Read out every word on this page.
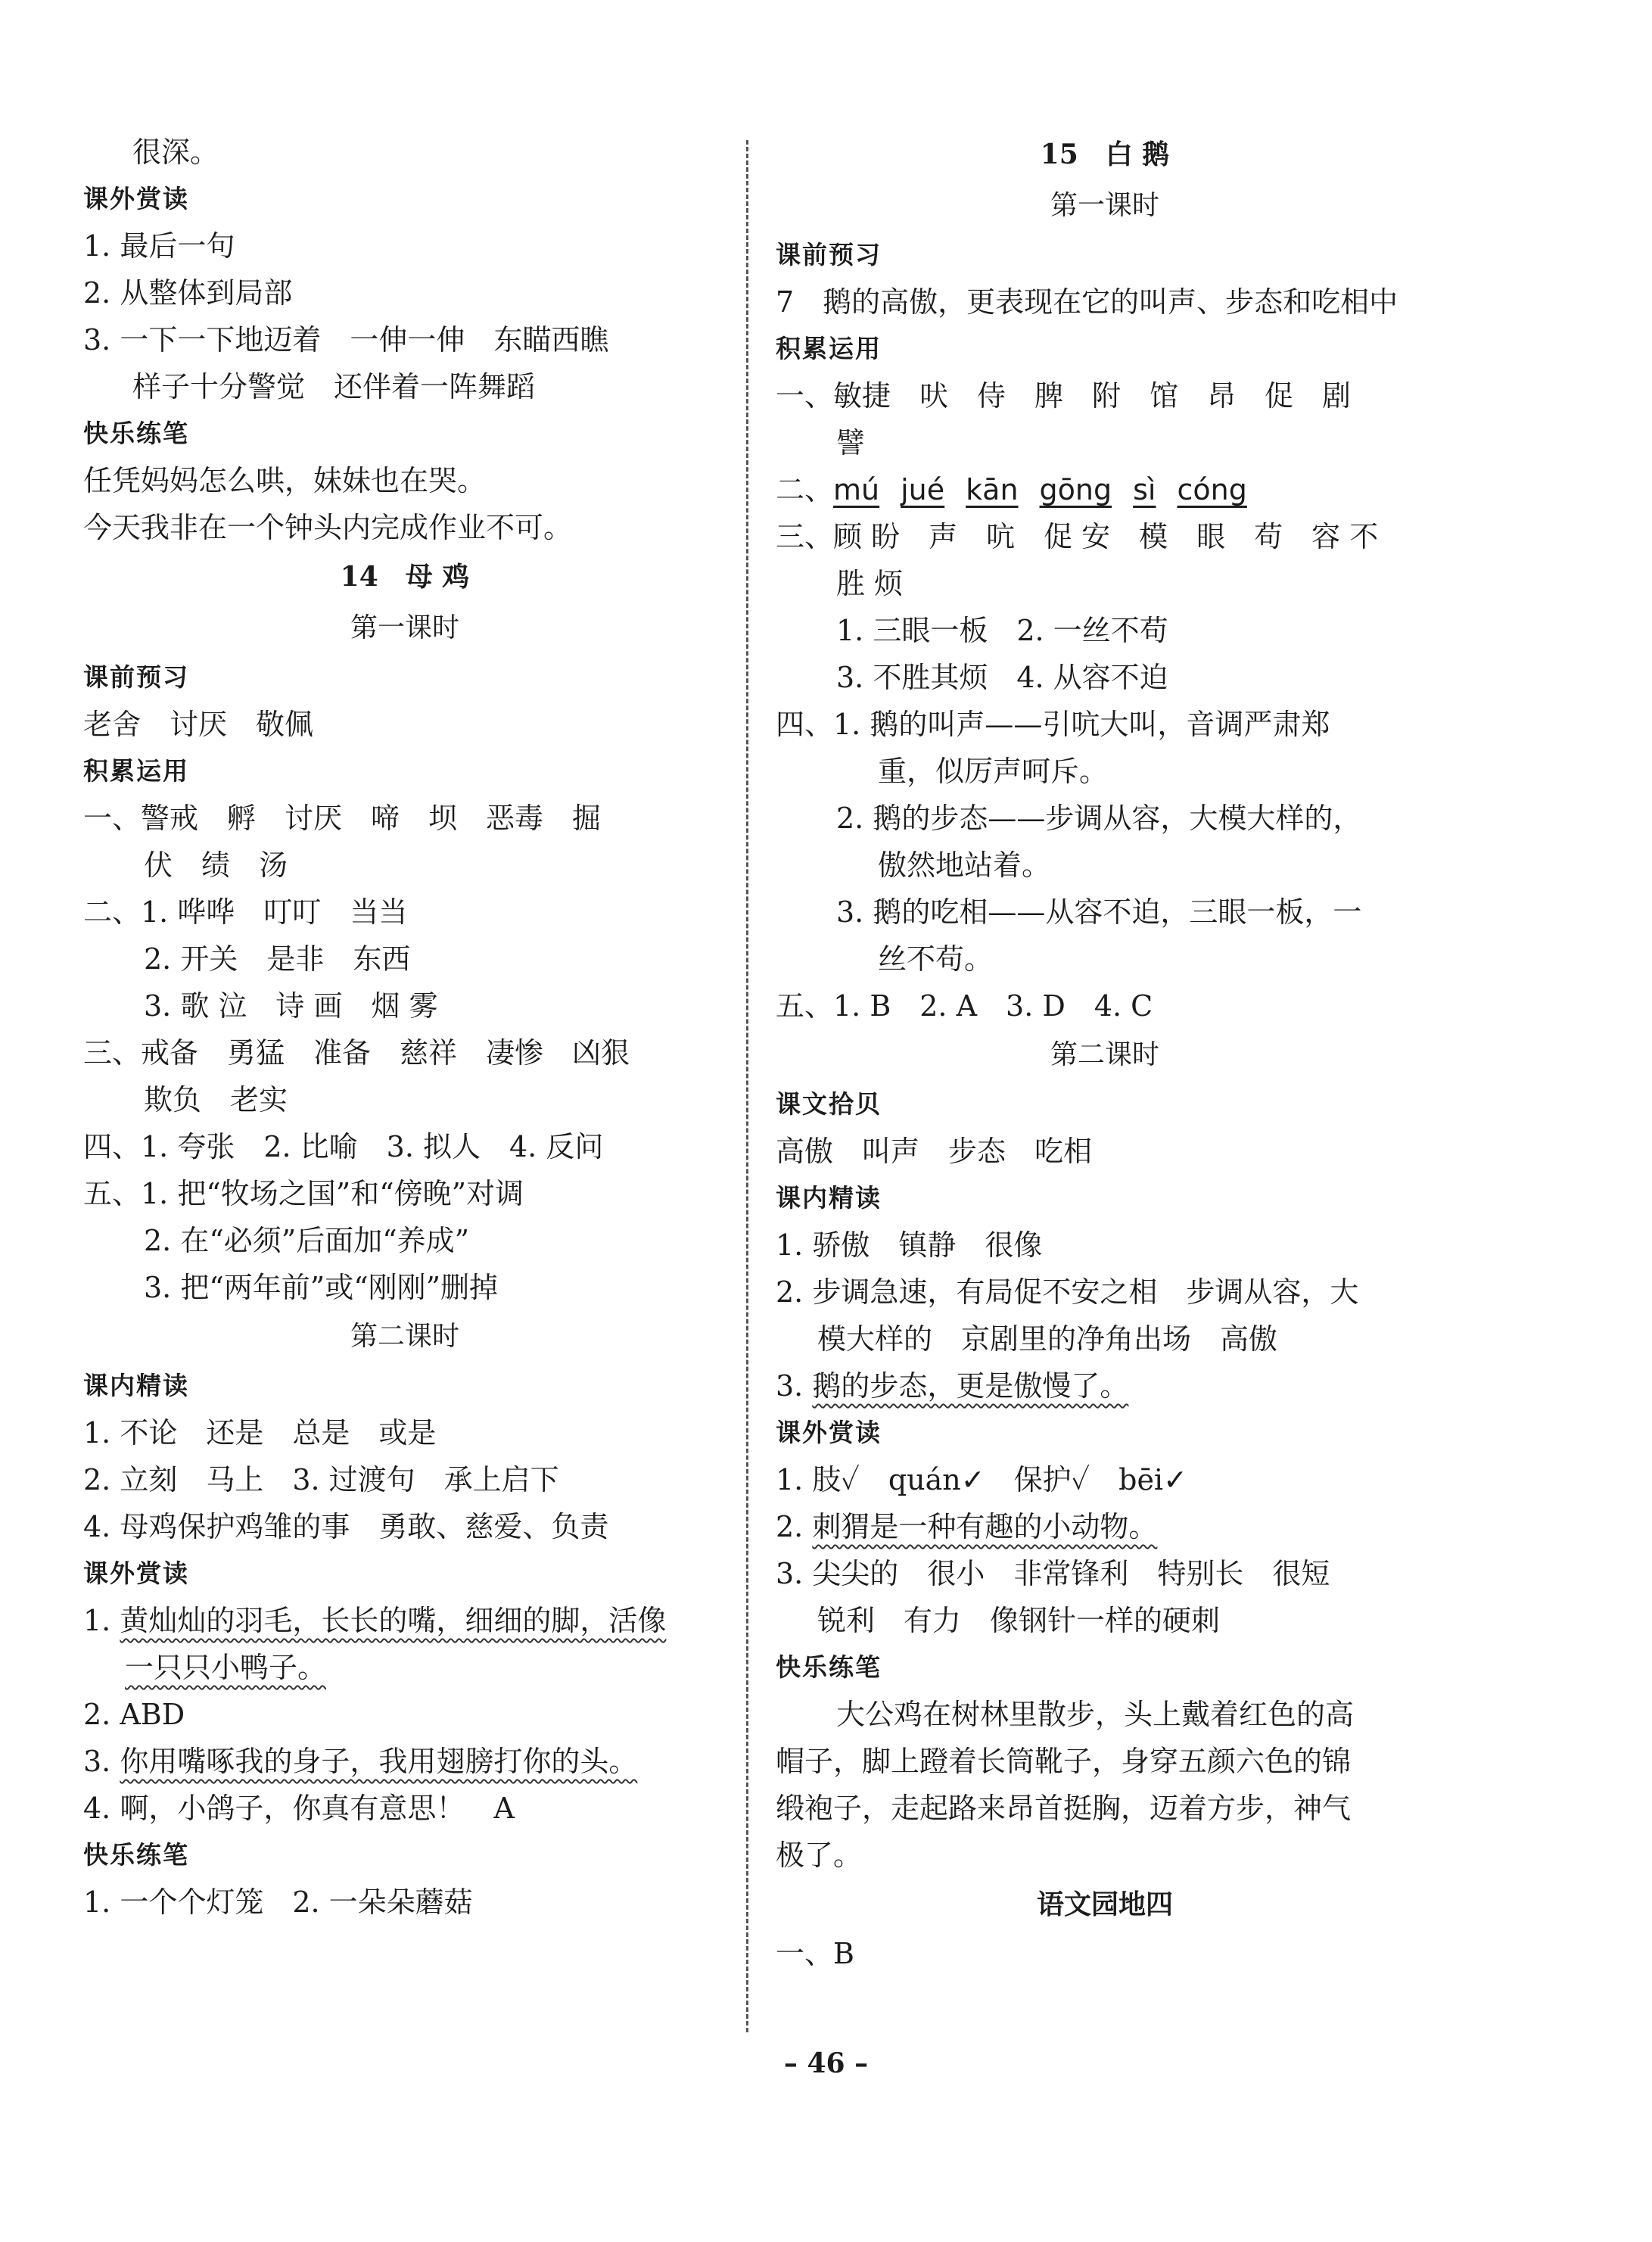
很深。
课外赏读
1. 最后一句
2. 从整体到局部
3. 一下一下地迈着　一伸一伸　东瞄西瞧
样子十分警觉　还伴着一阵舞蹈
快乐练笔
任凭妈妈怎么哄，妹妹也在哭。
今天我非在一个钟头内完成作业不可。
14　母 鸡
第一课时
课前预习
老舍　讨厌　敬佩
积累运用
一、警戒　孵　讨厌　啼　坝　恶毒　掘
伏　绩　汤
二、1. 哗哗　叮叮　当当
2. 开关　是非　东西
3. 歌 泣　诗 画　烟 雾
三、戒备　勇猛　准备　慈祥　凄惨　凶狠
欺负　老实
四、1. 夸张　2. 比喻　3. 拟人　4. 反问
五、1. 把“牧场之国”和“傍晚”对调
2. 在“必须”后面加“养成”
3. 把“两年前”或“刚刚”删掉
第二课时
课内精读
1. 不论　还是　总是　或是
2. 立刻　马上　3. 过渡句　承上启下
4. 母鸡保护鸡雏的事　勇敢、慈爱、负责
课外赏读
1. 黄灿灿的羽毛，长长的嘴，细细的脚，活像
一只只小鸭子。
2. ABD
3. 你用嘴啄我的身子，我用翅膀打你的头。
4. 啊，小鸽子，你真有意思！　A
快乐练笔
1. 一个个灯笼　2. 一朵朵蘑菇
15　白 鹅
第一课时
课前预习
7　鹅的高傲，更表现在它的叫声、步态和吃相中
积累运用
一、敏捷　吠　侍　脾　附　馆　昂　促　剧
譬
二、mú jué kān gōng sì cóng
三、顾 盼　声　吭　促 安　模　眼　苟　容 不
胜 烦
1. 三眼一板　2. 一丝不苟
3. 不胜其烦　4. 从容不迫
四、1. 鹅的叫声——引吭大叫，音调严肃郑
重，似厉声呵斥。
2. 鹅的步态——步调从容，大模大样的，
傲然地站着。
3. 鹅的吃相——从容不迫，三眼一板，一
丝不苟。
五、1. B　2. A　3. D　4. C
第二课时
课文拾贝
高傲　叫声　步态　吃相
课内精读
1. 骄傲　镇静　很像
2. 步调急速，有局促不安之相　步调从容，大
模大样的　京剧里的净角出场　高傲
3. 鹅的步态，更是傲慢了。
课外赏读
1. 肢✓　quán✓　保护✓　bēi✓
2. 刺猬是一种有趣的小动物。
3. 尖尖的　很小　非常锋利　特别长　很短
锐利　有力　像钢针一样的硬刺
快乐练笔
大公鸡在树林里散步，头上戴着红色的高
帽子，脚上蹬着长筒靴子，身穿五颜六色的锦
缎袍子，走起路来昂首挺胸，迈着方步，神气
极了。
语文园地四
一、B
– 46 –
